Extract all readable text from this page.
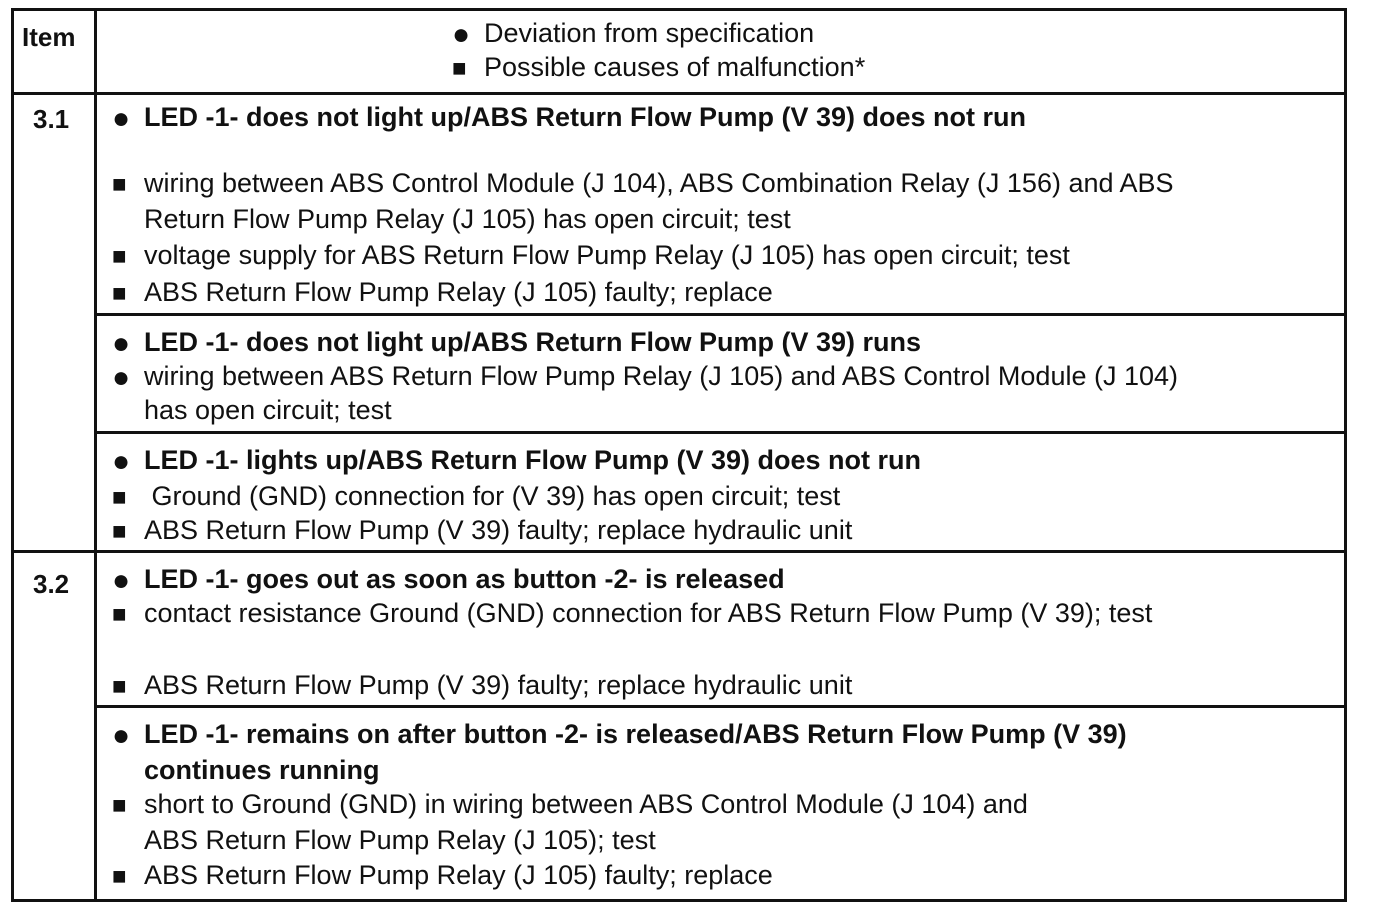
Item	● Deviation from specification
■ Possible causes of malfunction*
3.1 ● LED -1- does not light up/ABS Return Flow Pump (V 39) does not run
■ wiring between ABS Control Module (J 104), ABS Combination Relay (J 156) and ABS
Return Flow Pump Relay (J 105) has open circuit; test
■ voltage supply for ABS Return Flow Pump Relay (J 105) has open circuit; test
■ ABS Return Flow Pump Relay (J 105) faulty; replace
● LED -1- does not light up/ABS Return Flow Pump (V 39) runs
● wiring between ABS Return Flow Pump Relay (J 105) and ABS Control Module (J 104)
has open circuit; test
● LED -1- lights up/ABS Return Flow Pump (V 39) does not run
■ Ground (GND) connection for (V 39) has open circuit; test
■ ABS Return Flow Pump (V 39) faulty; replace hydraulic unit
3.2 ● LED -1- goes out as soon as button -2- is released
■ contact resistance Ground (GND) connection for ABS Return Flow Pump (V 39); test
■ ABS Return Flow Pump (V 39) faulty; replace hydraulic unit
● LED -1- remains on after button -2- is released/ABS Return Flow Pump (V 39)
continues running
■ short to Ground (GND) in wiring between ABS Control Module (J 104) and
ABS Return Flow Pump Relay (J 105); test
■ ABS Return Flow Pump Relay (J 105) faulty; replace
